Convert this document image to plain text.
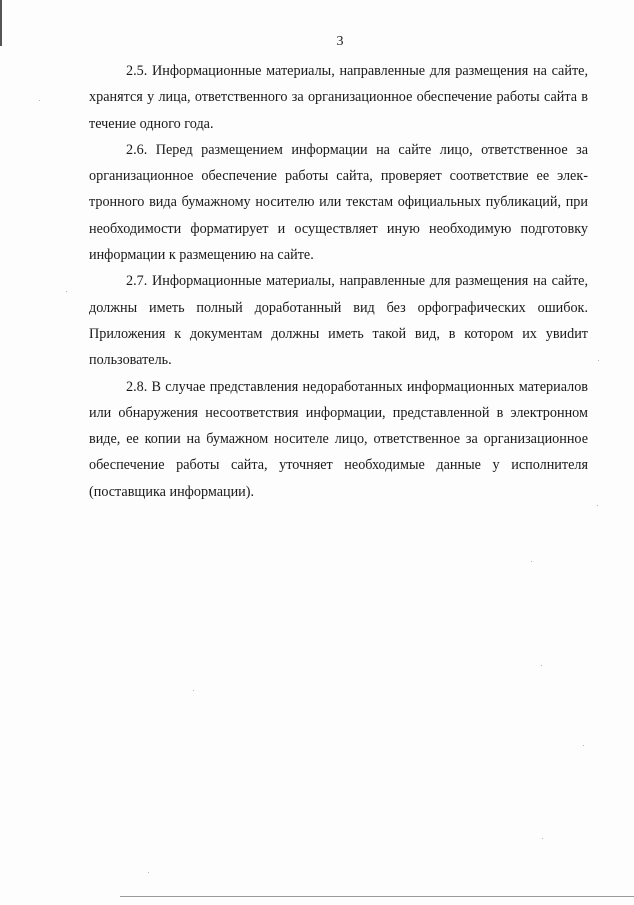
3

2.5. Информационные материалы, направленные для размещения на сайте, хранятся у лица, ответственного за организационное обеспечение работы сайта в течение одного года.

2.6. Перед размещением информации на сайте лицо, ответственное за организационное обеспечение работы сайта, проверяет соответствие ее электронного вида бумажному носителю или текстам официальных публикаций, при необходимости форматирует и осуществляет иную необходимую подготовку информации к размещению на сайте.

2.7. Информационные материалы, направленные для размещения на сайте, должны иметь полный доработанный вид без орфографических ошибок. Приложения к документам должны иметь такой вид, в котором их увиdит пользователь.

2.8. В случае представления недоработанных информационных материалов или обнаружения несоответствия информации, представленной в электронном виде, ее копии на бумажном носителе лицо, ответственное за организационное обеспечение работы сайта, уточняет необходимые данные у исполнителя (поставщика информации).
